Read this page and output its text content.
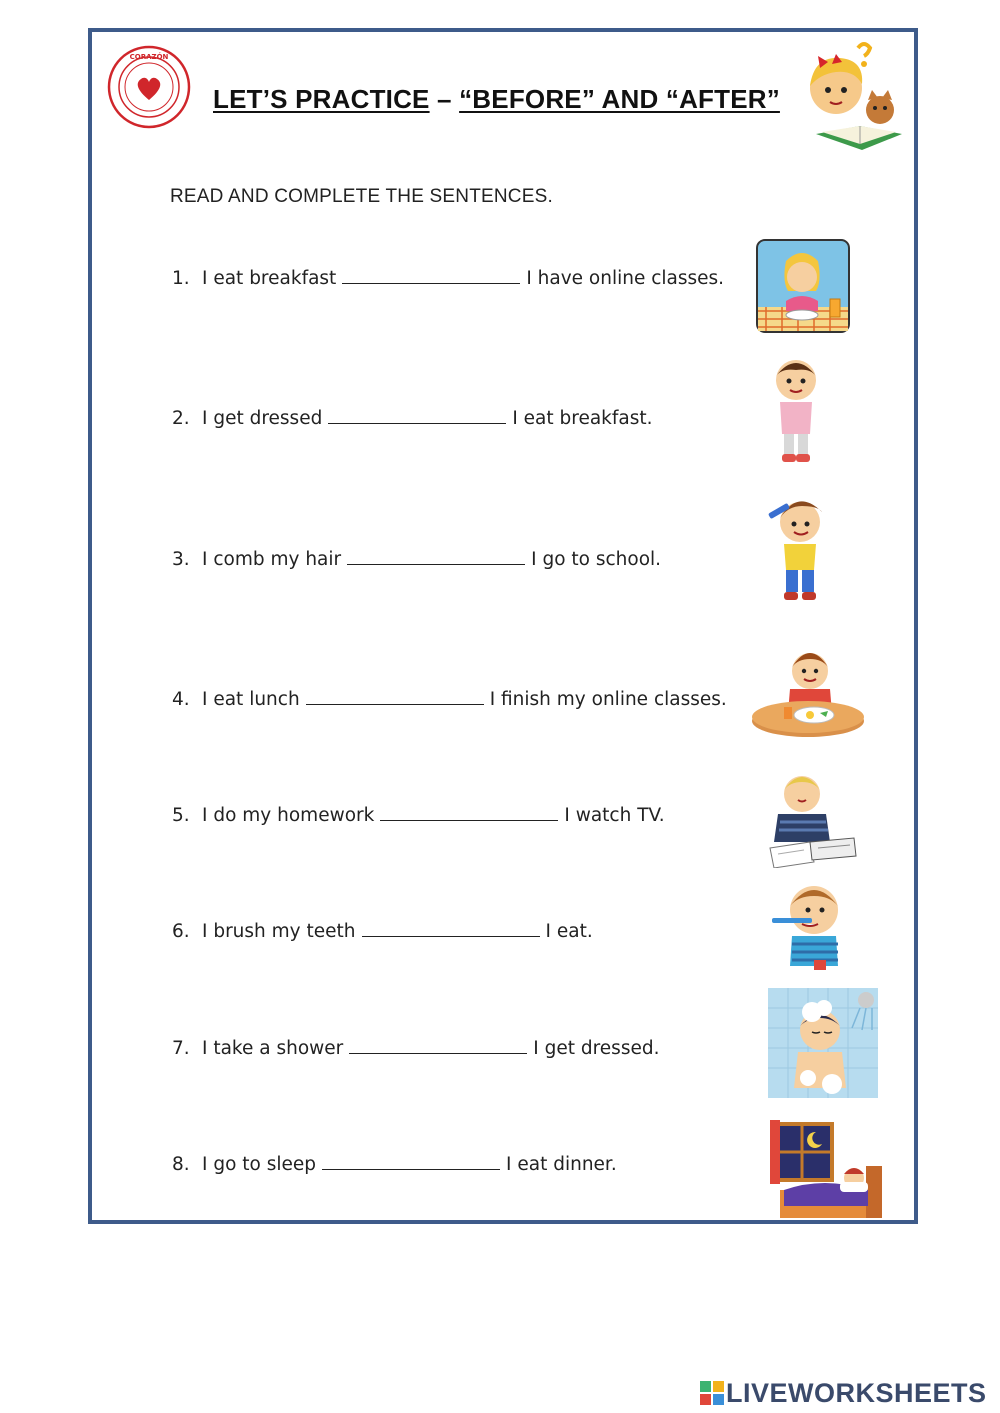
CORAZÓN
LET’S PRACTICE – “BEFORE” AND “AFTER”
READ AND COMPLETE THE SENTENCES.
1. I eat breakfast	I have online classes.
2. I get dressed	I eat breakfast.
3. I comb my hair	I go to school.
4. I eat lunch	I finish my online classes.
5. I do my homework	I watch TV.
6. I brush my teeth	I eat.
7. I take a shower	I get dressed.
8. I go to sleep	I eat dinner.
LIVEWORKSHEETS
